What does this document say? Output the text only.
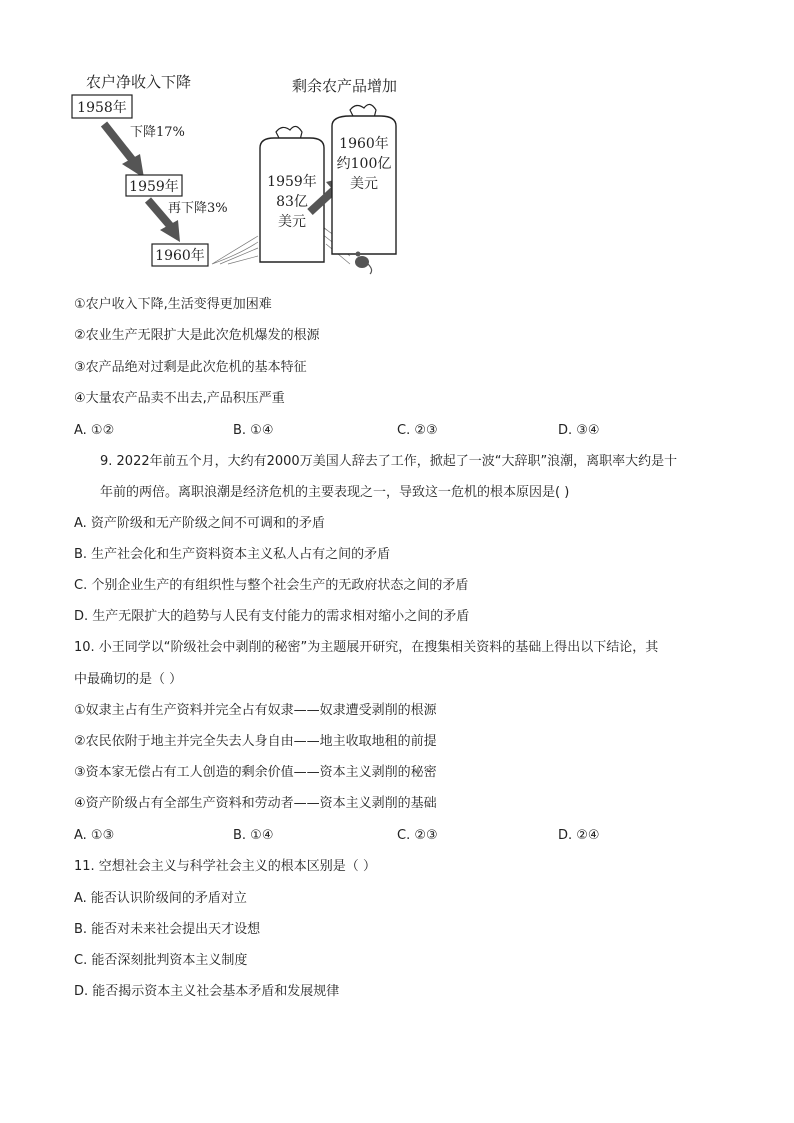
农户净收入下降	剩余农产品增加
1958年
下降17%
1959年
再下降3%
1960年
1959年
83亿
美元
1960年
约100亿
美元
①农户收入下降,生活变得更加困难
②农业生产无限扩大是此次危机爆发的根源
③农产品绝对过剩是此次危机的基本特征
④大量农产品卖不出去,产品积压严重
A. ①②	B. ①④	C. ②③	D. ③④
9. 2022年前五个月，大约有2000万美国人辞去了工作，掀起了一波“大辞职”浪潮，离职率大约是十
年前的两倍。离职浪潮是经济危机的主要表现之一，导致这一危机的根本原因是( )
A. 资产阶级和无产阶级之间不可调和的矛盾
B. 生产社会化和生产资料资本主义私人占有之间的矛盾
C. 个别企业生产的有组织性与整个社会生产的无政府状态之间的矛盾
D. 生产无限扩大的趋势与人民有支付能力的需求相对缩小之间的矛盾
10. 小王同学以“阶级社会中剥削的秘密”为主题展开研究，在搜集相关资料的基础上得出以下结论，其
中最确切的是（ ）
①奴隶主占有生产资料并完全占有奴隶——奴隶遭受剥削的根源
②农民依附于地主并完全失去人身自由——地主收取地租的前提
③资本家无偿占有工人创造的剩余价值——资本主义剥削的秘密
④资产阶级占有全部生产资料和劳动者——资本主义剥削的基础
A. ①③	B. ①④	C. ②③	D. ②④
11. 空想社会主义与科学社会主义的根本区别是（ ）
A. 能否认识阶级间的矛盾对立
B. 能否对未来社会提出天才设想
C. 能否深刻批判资本主义制度
D. 能否揭示资本主义社会基本矛盾和发展规律
